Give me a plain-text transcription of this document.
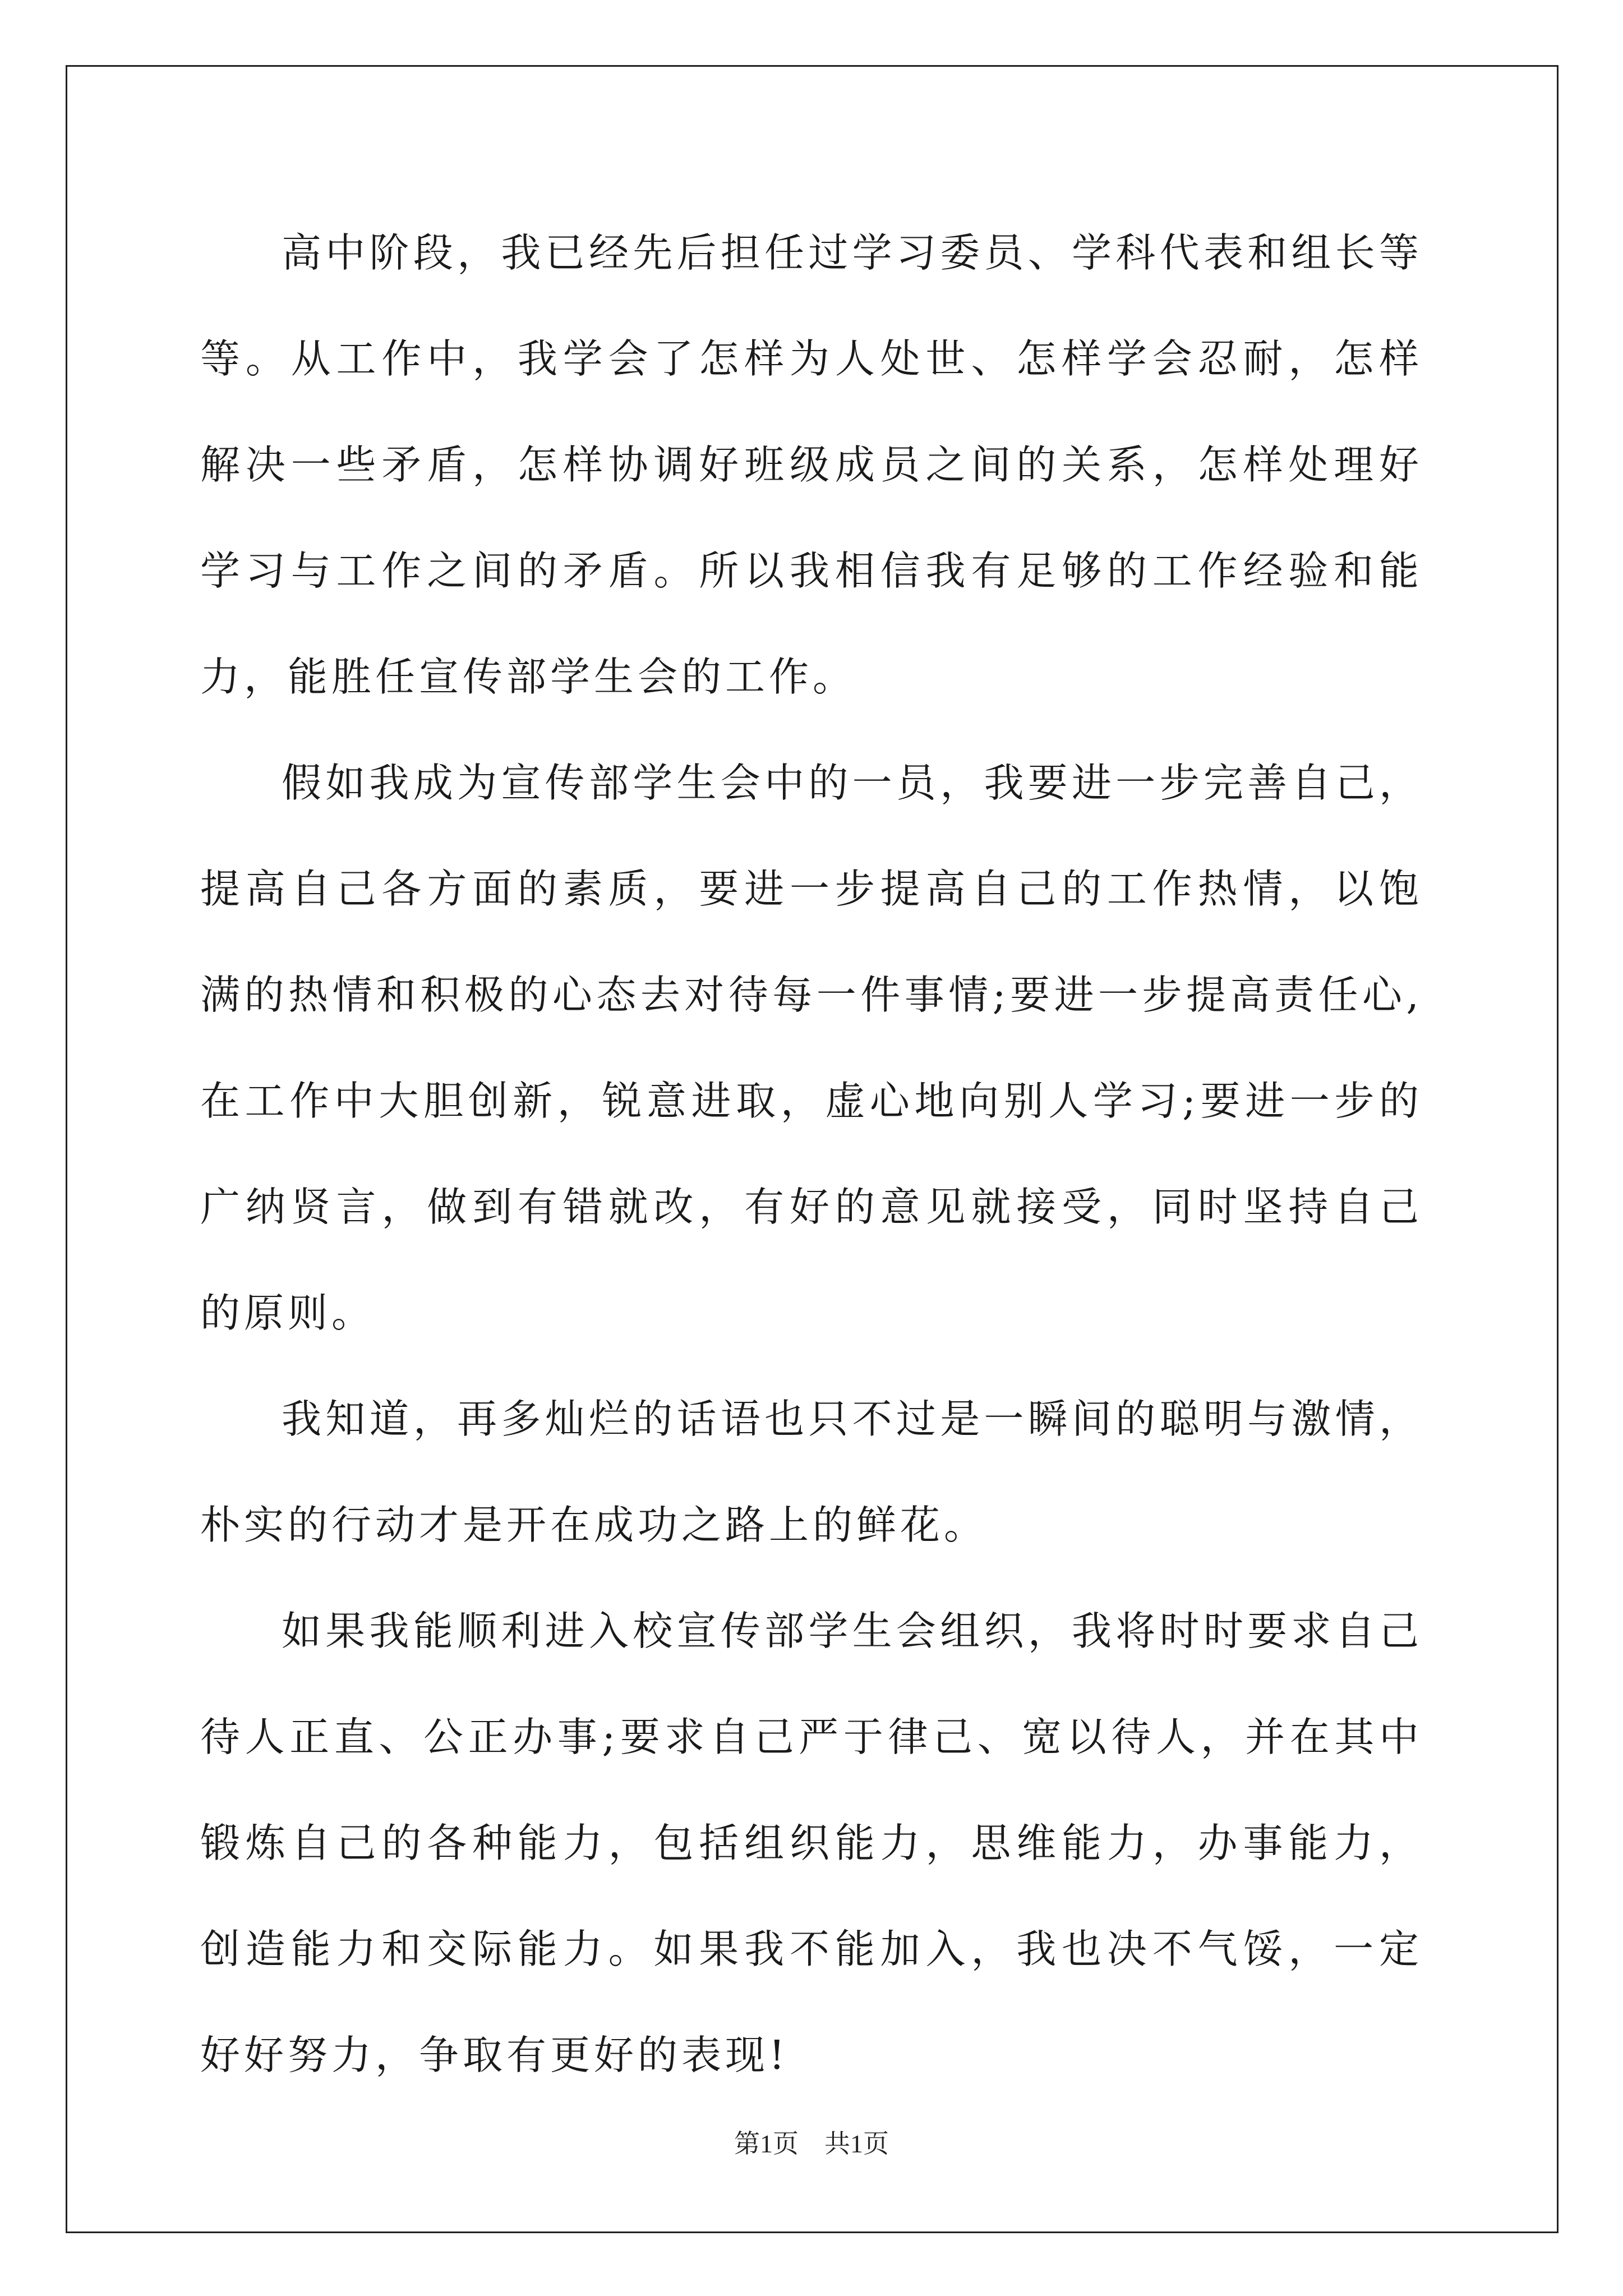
高中阶段，我已经先后担任过学习委员、学科代表和组长等等。从工作中，我学会了怎样为人处世、怎样学会忍耐，怎样解决一些矛盾，怎样协调好班级成员之间的关系，怎样处理好学习与工作之间的矛盾。所以我相信我有足够的工作经验和能力，能胜任宣传部学生会的工作。

假如我成为宣传部学生会中的一员，我要进一步完善自己，提高自己各方面的素质，要进一步提高自己的工作热情，以饱满的热情和积极的心态去对待每一件事情;要进一步提高责任心,在工作中大胆创新，锐意进取，虚心地向别人学习;要进一步的广纳贤言，做到有错就改，有好的意见就接受，同时坚持自己的原则。

我知道，再多灿烂的话语也只不过是一瞬间的聪明与激情，朴实的行动才是开在成功之路上的鲜花。

如果我能顺利进入校宣传部学生会组织，我将时时要求自己待人正直、公正办事;要求自己严于律己、宽以待人，并在其中锻炼自己的各种能力，包括组织能力，思维能力，办事能力，创造能力和交际能力。如果我不能加入，我也决不气馁，一定好好努力，争取有更好的表现!

第1页 共1页
